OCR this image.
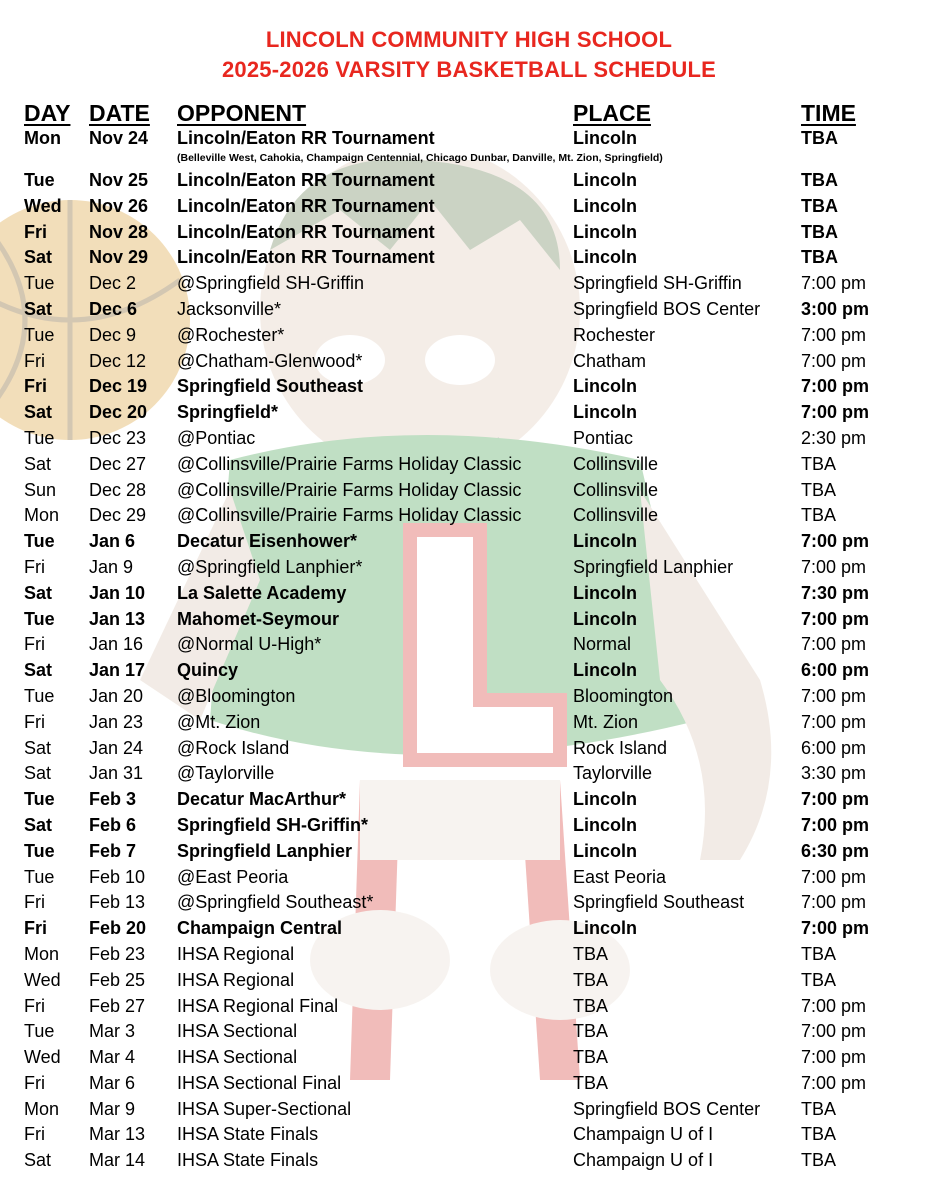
LINCOLN COMMUNITY HIGH SCHOOL
2025-2026 VARSITY BASKETBALL SCHEDULE
DAY DATE OPPONENT	PLACE	TIME
Mon Nov 24 Lincoln/Eaton RR Tournament	Lincoln	TBA
(Belleville West, Cahokia, Champaign Centennial, Chicago Dunbar, Danville, Mt. Zion, Springfield)
Tue Nov 25 Lincoln/Eaton RR Tournament	Lincoln	TBA
Wed Nov 26 Lincoln/Eaton RR Tournament	Lincoln	TBA
Fri Nov 28 Lincoln/Eaton RR Tournament	Lincoln	TBA
Sat Nov 29 Lincoln/Eaton RR Tournament	Lincoln	TBA
Tue Dec 2 @Springfield SH-Griffin	Springfield SH-Griffin	7:00 pm
Sat Dec 6 Jacksonville*	Springfield BOS Center 3:00 pm
Tue Dec 9 @Rochester*	Rochester	7:00 pm
Fri Dec 12 @Chatham-Glenwood*	Chatham	7:00 pm
Fri Dec 19 Springfield Southeast	Lincoln	7:00 pm
Sat Dec 20 Springfield*	Lincoln	7:00 pm
Tue Dec 23 @Pontiac	Pontiac	2:30 pm
Sat Dec 27 @Collinsville/Prairie Farms Holiday Classic	Collinsville	TBA
Sun Dec 28 @Collinsville/Prairie Farms Holiday Classic	Collinsville	TBA
Mon Dec 29 @Collinsville/Prairie Farms Holiday Classic	Collinsville	TBA
Tue Jan 6 Decatur Eisenhower*	Lincoln	7:00 pm
Fri Jan 9 @Springfield Lanphier*	Springfield Lanphier	7:00 pm
Sat Jan 10 La Salette Academy	Lincoln	7:30 pm
Tue Jan 13 Mahomet-Seymour	Lincoln	7:00 pm
Fri Jan 16 @Normal U-High*	Normal	7:00 pm
Sat Jan 17 Quincy	Lincoln	6:00 pm
Tue Jan 20 @Bloomington	Bloomington	7:00 pm
Fri Jan 23 @Mt. Zion	Mt. Zion	7:00 pm
Sat Jan 24 @Rock Island	Rock Island	6:00 pm
Sat Jan 31 @Taylorville	Taylorville	3:30 pm
Tue Feb 3 Decatur MacArthur*	Lincoln	7:00 pm
Sat Feb 6 Springfield SH-Griffin*	Lincoln	7:00 pm
Tue Feb 7 Springfield Lanphier	Lincoln	6:30 pm
Tue Feb 10 @East Peoria	East Peoria	7:00 pm
Fri Feb 13 @Springfield Southeast*	Springfield Southeast	7:00 pm
Fri Feb 20 Champaign Central	Lincoln	7:00 pm
Mon Feb 23 IHSA Regional	TBA	TBA
Wed Feb 25 IHSA Regional	TBA	TBA
Fri Feb 27 IHSA Regional Final	TBA	7:00 pm
Tue Mar 3 IHSA Sectional	TBA	7:00 pm
Wed Mar 4 IHSA Sectional	TBA	7:00 pm
Fri Mar 6 IHSA Sectional Final	TBA	7:00 pm
Mon Mar 9 IHSA Super-Sectional	Springfield BOS Center TBA
Fri Mar 13 IHSA State Finals	Champaign U of I	TBA
Sat Mar 14 IHSA State Finals	Champaign U of I	TBA
